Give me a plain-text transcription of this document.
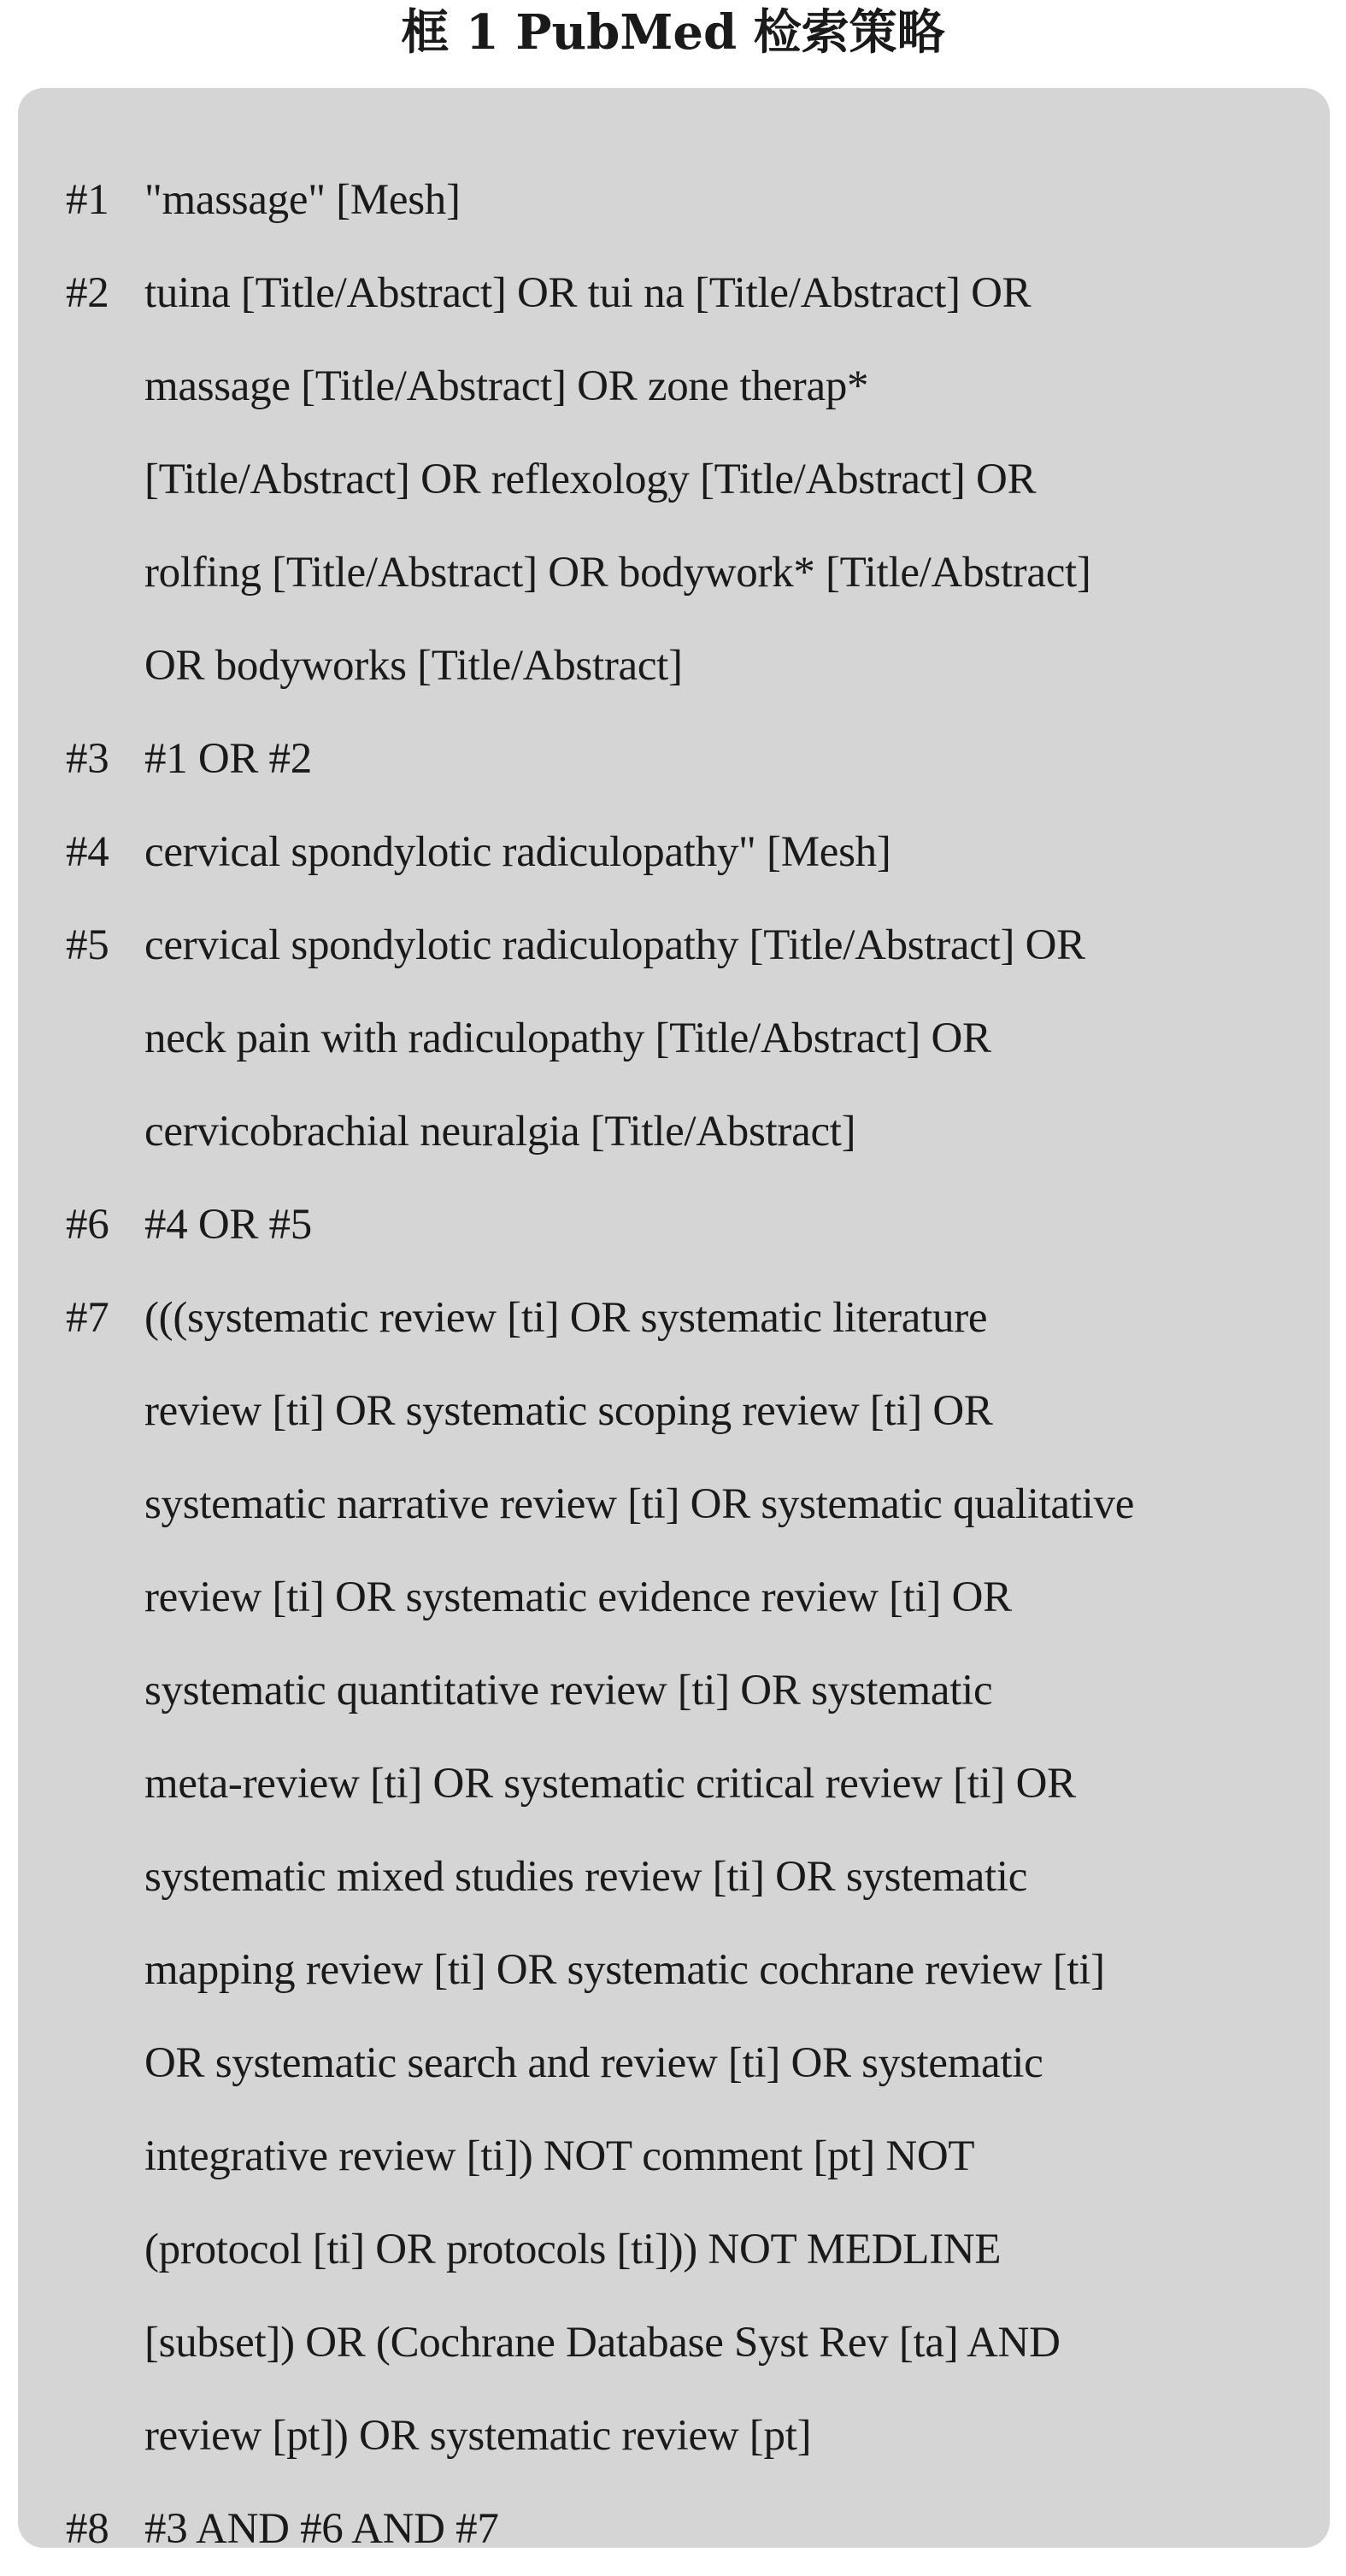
框 1 PubMed 检索策略
#1 "massage" [Mesh]
#2 tuina [Title/Abstract] OR tui na [Title/Abstract] OR
massage [Title/Abstract] OR zone therap*
[Title/Abstract] OR reflexology [Title/Abstract] OR
rolfing [Title/Abstract] OR bodywork* [Title/Abstract]
OR bodyworks [Title/Abstract]
#3 #1 OR #2
#4 cervical spondylotic radiculopathy" [Mesh]
#5 cervical spondylotic radiculopathy [Title/Abstract] OR
neck pain with radiculopathy [Title/Abstract] OR
cervicobrachial neuralgia [Title/Abstract]
#6 #4 OR #5
#7 (((systematic review [ti] OR systematic literature
review [ti] OR systematic scoping review [ti] OR
systematic narrative review [ti] OR systematic qualitative
review [ti] OR systematic evidence review [ti] OR
systematic quantitative review [ti] OR systematic
meta-review [ti] OR systematic critical review [ti] OR
systematic mixed studies review [ti] OR systematic
mapping review [ti] OR systematic cochrane review [ti]
OR systematic search and review [ti] OR systematic
integrative review [ti]) NOT comment [pt] NOT
(protocol [ti] OR protocols [ti])) NOT MEDLINE
[subset]) OR (Cochrane Database Syst Rev [ta] AND
review [pt]) OR systematic review [pt]
#8 #3 AND #6 AND #7
